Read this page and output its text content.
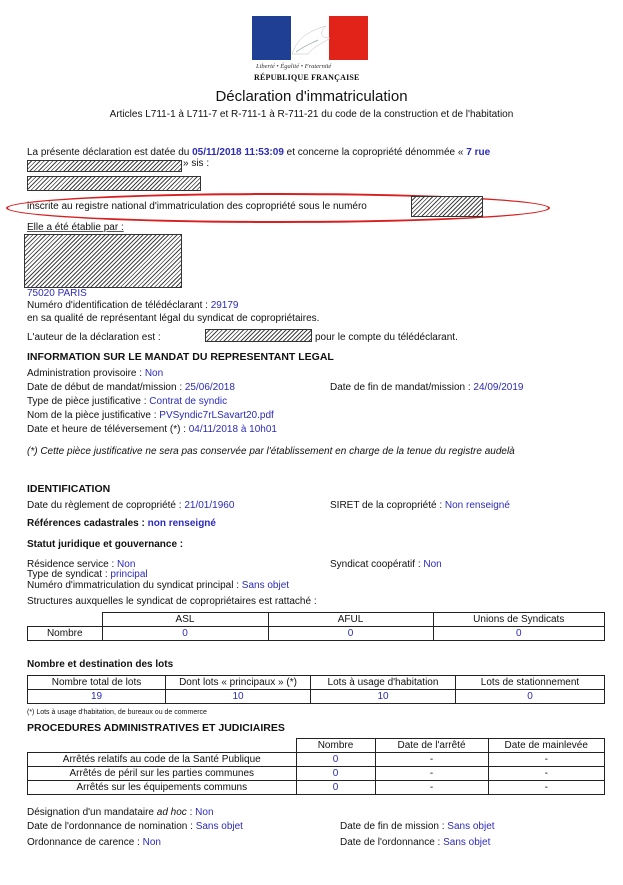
Liberté • Égalité • Fraternité
RÉPUBLIQUE FRANÇAISE
Déclaration d'immatriculation
Articles L711-1 à L711-7 et R-711-1 à R-711-21 du code de la construction et de l'habitation
La présente déclaration est datée du 05/11/2018 11:53:09 et concerne la copropriété dénommée « 7 rue
» sis :
inscrite au registre national d'immatriculation des copropriété sous le numéro
Elle a été établie par :
75020 PARIS
Numéro d'identification de télédéclarant : 29179
en sa qualité de représentant légal du syndicat de copropriétaires.
L'auteur de la déclaration est :	pour le compte du télédéclarant.
INFORMATION SUR LE MANDAT DU REPRESENTANT LEGAL
Administration provisoire : Non
Date de début de mandat/mission : 25/06/2018	Date de fin de mandat/mission : 24/09/2019
Type de pièce justificative : Contrat de syndic
Nom de la pièce justificative : PVSyndic7rLSavart20.pdf
Date et heure de téléversement (*) : 04/11/2018 à 10h01
(*) Cette pièce justificative ne sera pas conservée par l'établissement en charge de la tenue du registre audelà
IDENTIFICATION
Date du règlement de copropriété : 21/01/1960	SIRET de la copropriété : Non renseigné
Références cadastrales : non renseigné
Statut juridique et gouvernance :
Résidence service : Non	Syndicat coopératif : Non
Type de syndicat : principal
Numéro d'immatriculation du syndicat principal : Sans objet
Structures auxquelles le syndicat de copropriétaires est rattaché :
	ASL	AFUL	Unions de Syndicats
Nombre	0	0	0
Nombre et destination des lots
Nombre total de lots	Dont lots « principaux » (*)	Lots à usage d'habitation	Lots de stationnement
19	10	10	0
(*) Lots à usage d'habitation, de bureaux ou de commerce
PROCEDURES ADMINISTRATIVES ET JUDICIAIRES
	Nombre	Date de l'arrêté	Date de mainlevée
Arrêtés relatifs au code de la Santé Publique	0	-	-
Arrêtés de péril sur les parties communes	0	-	-
Arrêtés sur les équipements communs	0	-	-
Désignation d'un mandataire ad hoc : Non
Date de l'ordonnance de nomination : Sans objet	Date de fin de mission : Sans objet
Ordonnance de carence : Non	Date de l'ordonnance : Sans objet
